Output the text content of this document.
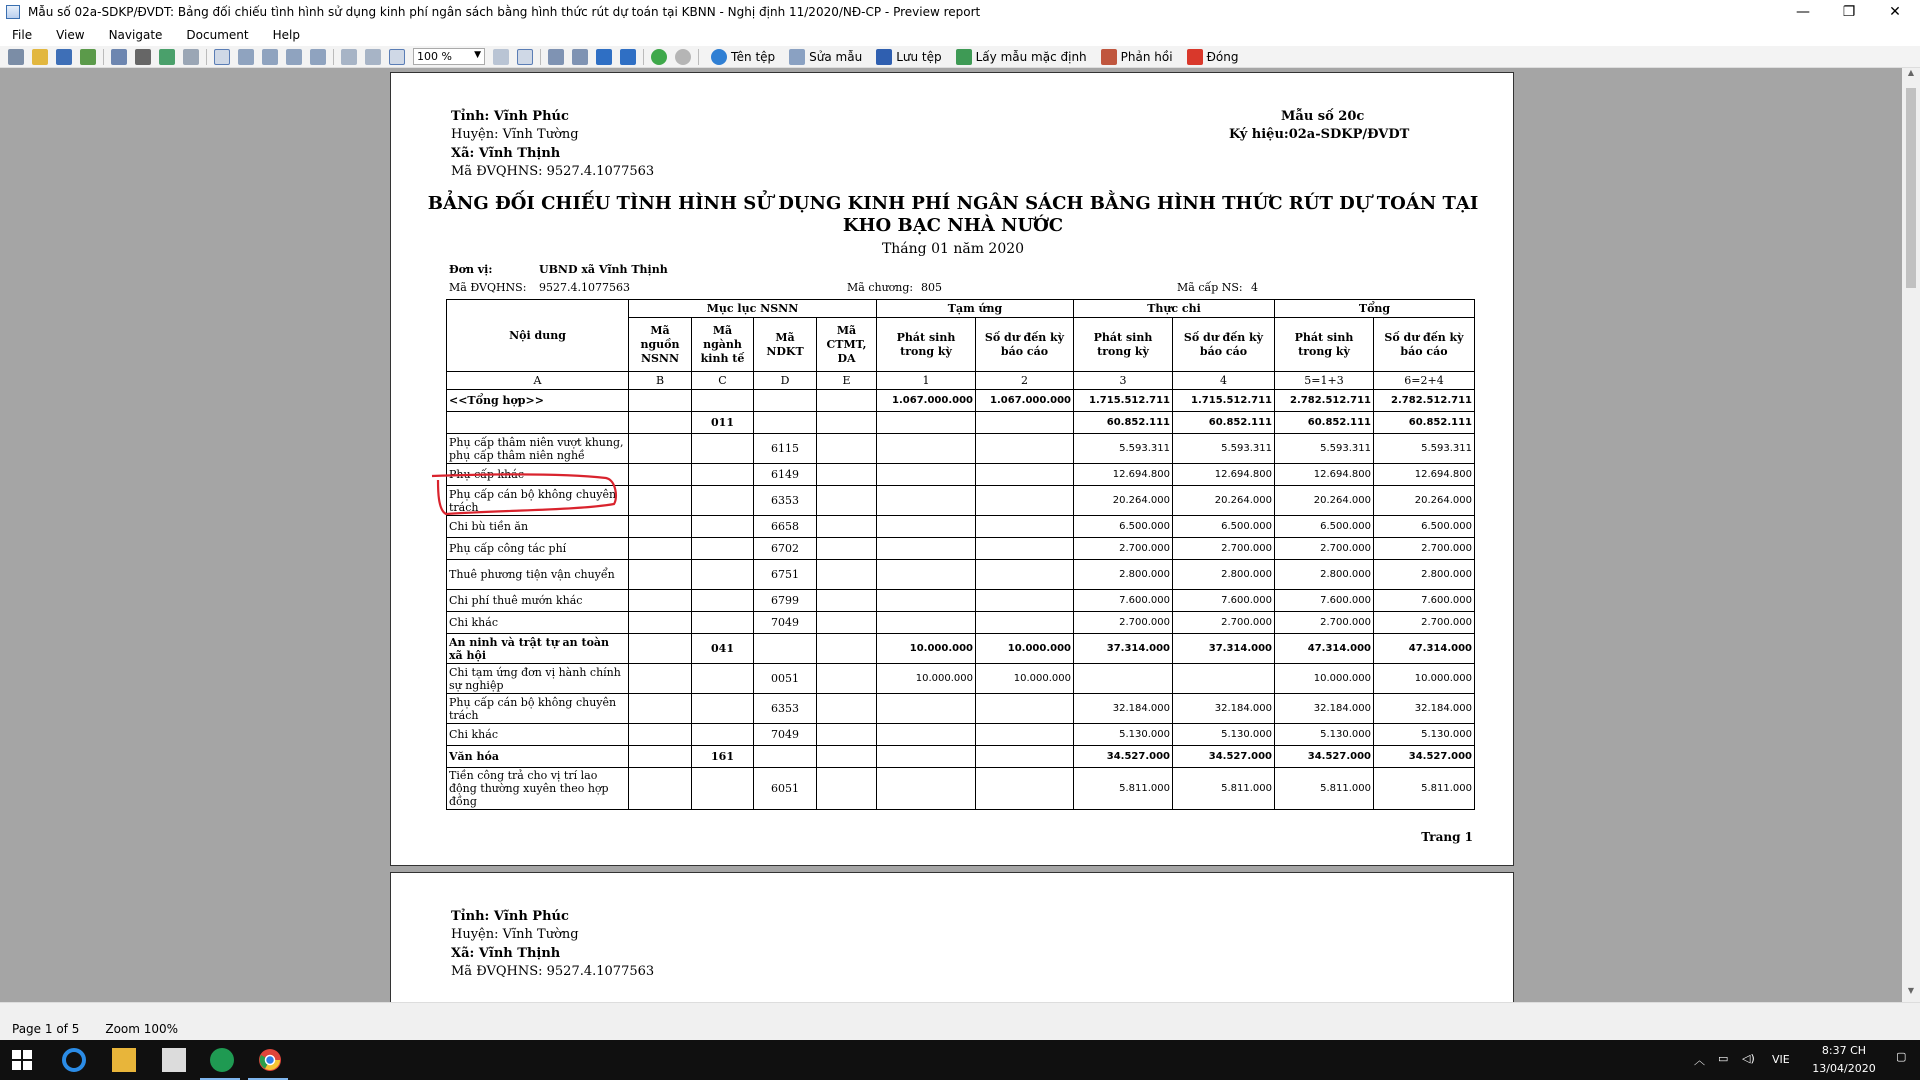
Mẫu số 02a-SDKP/ĐVDT: Bảng đối chiếu tình hình sử dụng kinh phí ngân sách bằng hình thức rút dự toán tại KBNN - Nghị định 11/2020/NĐ-CP - Preview report	—	❐	✕
File	View	Navigate	Document	Help
100 % ▼	Tên tệp	Sửa mẫu	Lưu tệp	Lấy mẫu mặc định	Phản hồi	Đóng
Tỉnh: Vĩnh Phúc
Huyện: Vĩnh Tường
Xã: Vĩnh Thịnh
Mã ĐVQHNS: 9527.4.1077563
Mẫu số 20c
Ký hiệu:02a-SDKP/ĐVDT
BẢNG ĐỐI CHIẾU TÌNH HÌNH SỬ DỤNG KINH PHÍ NGÂN SÁCH BẰNG HÌNH THỨC RÚT DỰ TOÁN TẠI
KHO BẠC NHÀ NƯỚC
Tháng 01 năm 2020
Đơn vị:	UBND xã Vĩnh Thịnh
Mã ĐVQHNS: 9527.4.1077563	Mã chương: 805	Mã cấp NS: 4
Nội dung	Mục lục NSNN				Tạm ứng		Thực chi		Tổng	
	Mã nguồn NSNN	Mã ngành kinh tế	Mã NDKT	Mã CTMT, DA	Phát sinh trong kỳ	Số dư đến kỳ báo cáo	Phát sinh trong kỳ	Số dư đến kỳ báo cáo	Phát sinh trong kỳ	Số dư đến kỳ báo cáo
A	B	C	D	E	1	2	3	4	5=1+3	6=2+4
<<Tổng hợp>>					1.067.000.000	1.067.000.000	1.715.512.711	1.715.512.711	2.782.512.711	2.782.512.711
		011					60.852.111	60.852.111	60.852.111	60.852.111
Phụ cấp thâm niên vượt khung, phụ cấp thâm niên nghề			6115				5.593.311	5.593.311	5.593.311	5.593.311
Phụ cấp khác			6149				12.694.800	12.694.800	12.694.800	12.694.800
Phụ cấp cán bộ không chuyên trách			6353				20.264.000	20.264.000	20.264.000	20.264.000
Chi bù tiền ăn			6658				6.500.000	6.500.000	6.500.000	6.500.000
Phụ cấp công tác phí			6702				2.700.000	2.700.000	2.700.000	2.700.000
Thuê phương tiện vận chuyển			6751				2.800.000	2.800.000	2.800.000	2.800.000
Chi phí thuê mướn khác			6799				7.600.000	7.600.000	7.600.000	7.600.000
Chi khác			7049				2.700.000	2.700.000	2.700.000	2.700.000
An ninh và trật tự an toàn xã hội		041			10.000.000	10.000.000	37.314.000	37.314.000	47.314.000	47.314.000
Chi tạm ứng đơn vị hành chính sự nghiệp			0051		10.000.000	10.000.000			10.000.000	10.000.000
Phụ cấp cán bộ không chuyên trách			6353				32.184.000	32.184.000	32.184.000	32.184.000
Chi khác			7049				5.130.000	5.130.000	5.130.000	5.130.000
Văn hóa		161					34.527.000	34.527.000	34.527.000	34.527.000
Tiền công trả cho vị trí lao động thường xuyên theo hợp đồng			6051				5.811.000	5.811.000	5.811.000	5.811.000
Trang 1
Tỉnh: Vĩnh Phúc
Huyện: Vĩnh Tường
Xã: Vĩnh Thịnh
Mã ĐVQHNS: 9527.4.1077563
▲
▼
Page 1 of 5 Zoom 100%
︿ ▭ ◁) VIE
8:37 CH
13/04/2020
▢
